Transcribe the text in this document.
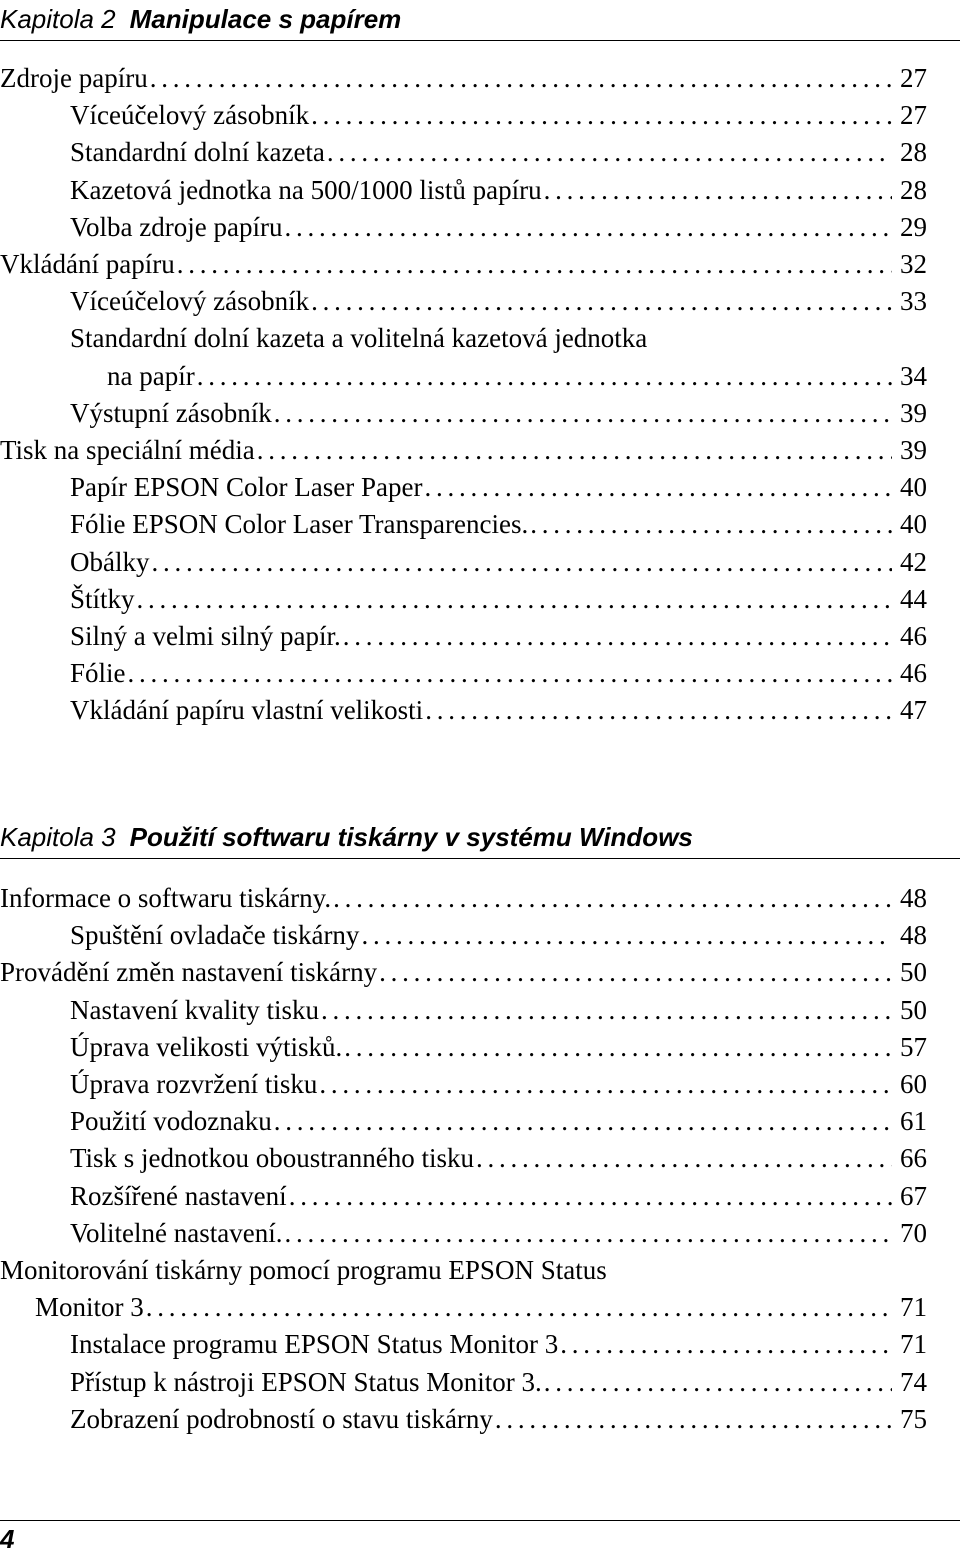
Kapitola 2 Manipulace s papírem
Zdroje papíru . . .	27
Víceúčelový zásobník . . .	27
Standardní dolní kazeta . . .	28
Kazetová jednotka na 500/1000 listů papíru . . .	28
Volba zdroje papíru . . .	29
Vkládání papíru . . .	32
Víceúčelový zásobník . . .	33
Standardní dolní kazeta a volitelná kazetová jednotka
na papír . . .	34
Výstupní zásobník . . .	39
Tisk na speciální média . . .	39
Papír EPSON Color Laser Paper . . .	40
Fólie EPSON Color Laser Transparencies. . . .	40
Obálky . . .	42
Štítky . . .	44
Silný a velmi silný papír. . . .	46
Fólie . . .	46
Vkládání papíru vlastní velikosti . . .	47
Kapitola 3 Použití softwaru tiskárny v systému Windows
Informace o softwaru tiskárny. . . .	48
Spuštění ovladače tiskárny . . .	48
Provádění změn nastavení tiskárny . . .	50
Nastavení kvality tisku . . .	50
Úprava velikosti výtisků. . . .	57
Úprava rozvržení tisku . . .	60
Použití vodoznaku . . .	61
Tisk s jednotkou oboustranného tisku . . .	66
Rozšířené nastavení . . .	67
Volitelné nastavení. . . .	70
Monitorování tiskárny pomocí programu EPSON Status
Monitor 3 . . .	71
Instalace programu EPSON Status Monitor 3 . . .	71
Přístup k nástroji EPSON Status Monitor 3. . . .	74
Zobrazení podrobností o stavu tiskárny . . .	75
4
